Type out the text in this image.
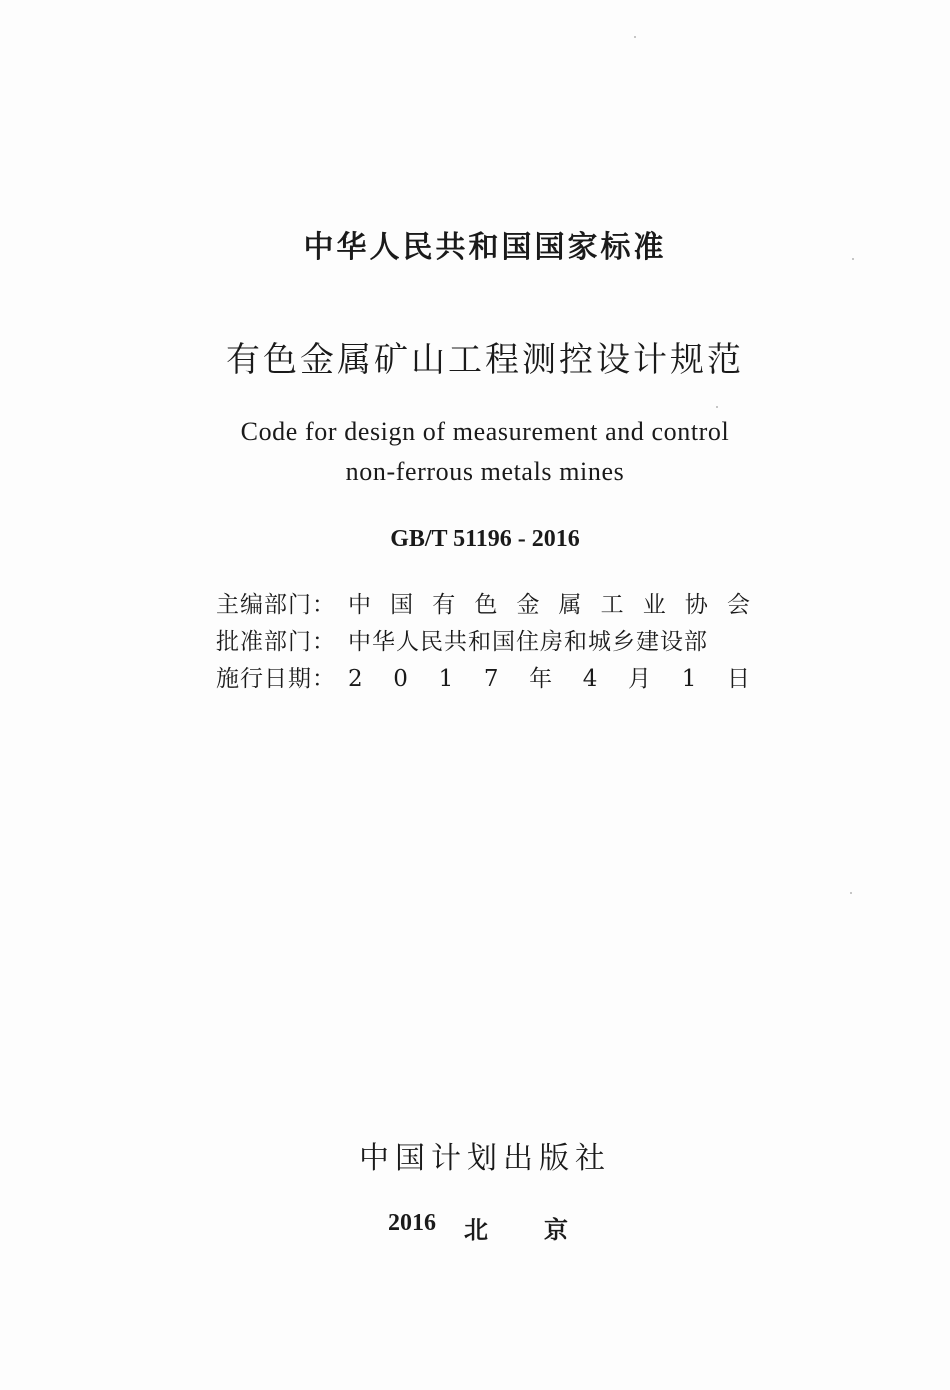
中华人民共和国国家标准
有色金属矿山工程测控设计规范
Code for design of measurement and control
non-ferrous metals mines
GB/T 51196 - 2016
主编部门： 中 国 有 色 金 属 工 业 协 会
批准部门： 中华人民共和国住房和城乡建设部
施行日期： 2 0 1 7 年 4 月 1 日
中国计划出版社
2016 北 京
